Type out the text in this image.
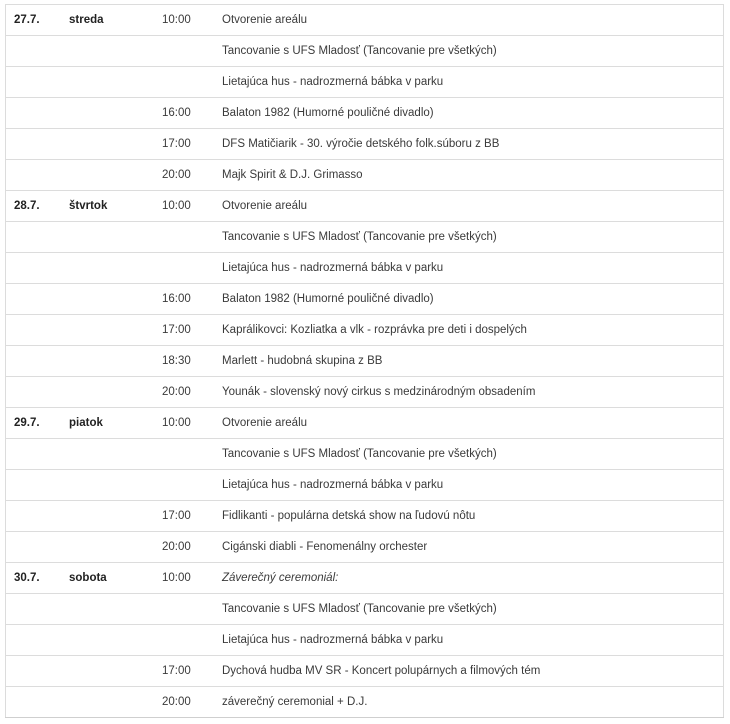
27.7.	streda	10:00	Otvorenie areálu
			Tancovanie s UFS Mladosť (Tancovanie pre všetkých)
			Lietajúca hus - nadrozmerná bábka v parku
		16:00	Balaton 1982 (Humorné pouličné divadlo)
		17:00	DFS Matičiarik - 30. výročie detského folk.súboru z BB
		20:00	Majk Spirit & D.J. Grimasso
28.7.	štvrtok	10:00	Otvorenie areálu
			Tancovanie s UFS Mladosť (Tancovanie pre všetkých)
			Lietajúca hus - nadrozmerná bábka v parku
		16:00	Balaton 1982 (Humorné pouličné divadlo)
		17:00	Kaprálikovci: Kozliatka a vlk - rozprávka pre deti i dospelých
		18:30	Marlett - hudobná skupina z BB
		20:00	Younák - slovenský nový cirkus s medzinárodným obsadením
29.7.	piatok	10:00	Otvorenie areálu
			Tancovanie s UFS Mladosť (Tancovanie pre všetkých)
			Lietajúca hus - nadrozmerná bábka v parku
		17:00	Fidlikanti - populárna detská show na ľudovú nôtu
		20:00	Cigánski diabli - Fenomenálny orchester
30.7.	sobota	10:00	Záverečný ceremoniál:
			Tancovanie s UFS Mladosť (Tancovanie pre všetkých)
			Lietajúca hus - nadrozmerná bábka v parku
		17:00	Dychová hudba MV SR - Koncert polupárnych a filmových tém
		20:00	záverečný ceremonial + D.J.
